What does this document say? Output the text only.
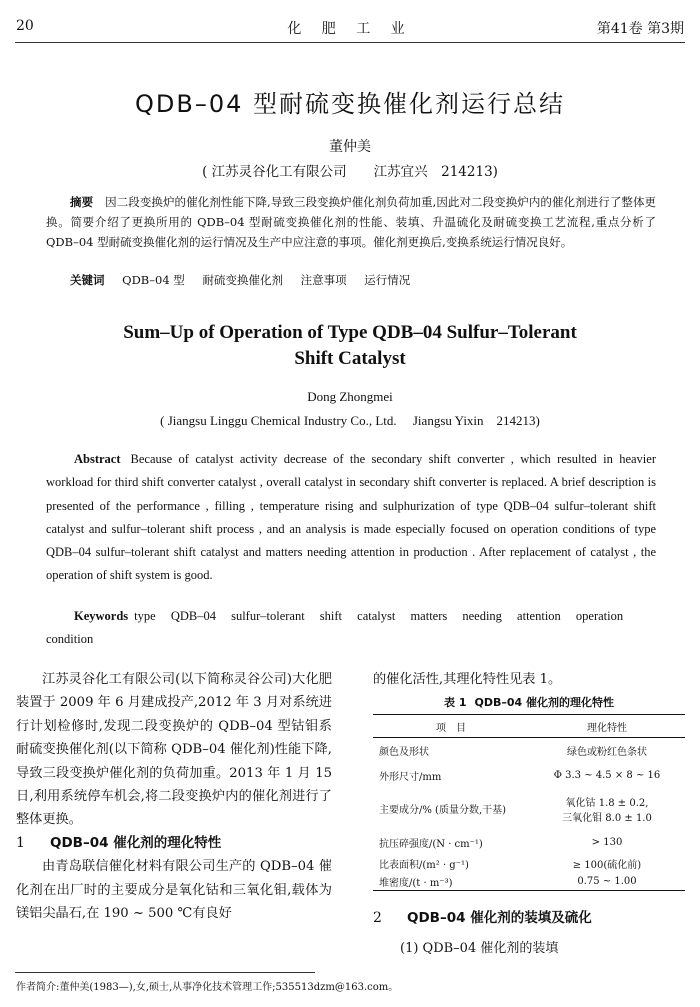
20	化 肥 工 业	第41卷 第3期
QDB–04 型耐硫变换催化剂运行总结
董仲美
( 江苏灵谷化工有限公司　　江苏宜兴　214213)
摘要 因二段变换炉的催化剂性能下降,导致三段变换炉催化剂负荷加重,因此对二段变换炉内的催化剂进行了整体更换。简要介绍了更换所用的 QDB–04 型耐硫变换催化剂的性能、装填、升温硫化及耐硫变换工艺流程,重点分析了 QDB–04 型耐硫变换催化剂的运行情况及生产中应注意的事项。催化剂更换后,变换系统运行情况良好。
关键词 QDB–04 型 耐硫变换催化剂 注意事项 运行情况
Sum–Up of Operation of Type QDB–04 Sulfur–Tolerant
Shift Catalyst
Dong Zhongmei
( Jiangsu Linggu Chemical Industry Co., Ltd.　 Jiangsu Yixin　214213)
Abstract Because of catalyst activity decrease of the secondary shift converter , which resulted in heavier workload for third shift converter catalyst , overall catalyst in secondary shift converter is replaced. A brief description is presented of the performance , filling , temperature rising and sulphurization of type QDB–04 sulfur–tolerant shift catalyst and sulfur–tolerant shift process , and an analysis is made especially focused on operation conditions of type QDB–04 sulfur–tolerant shift catalyst and matters needing attention in production . After replacement of catalyst , the operation of shift system is good.
Keywords type QDB–04 sulfur–tolerant shift catalyst matters needing attention operation condition

江苏灵谷化工有限公司(以下简称灵谷公司)大化肥装置于 2009 年 6 月建成投产,2012 年 3 月对系统进行计划检修时,发现二段变换炉的 QDB–04 型钴钼系耐硫变换催化剂(以下简称 QDB–04 催化剂)性能下降,导致三段变换炉催化剂的负荷加重。2013 年 1 月 15 日,利用系统停车机会,将二段变换炉内的催化剂进行了整体更换。

1 QDB–04 催化剂的理化特性

由青岛联信催化材料有限公司生产的 QDB–04 催化剂在出厂时的主要成分是氧化钴和三氧化钼,载体为镁铝尖晶石,在 190 ~ 500 ℃有良好

的催化活性,其理化特性见表 1。
表 1 QDB–04 催化剂的理化特性
项　目	理化特性
颜色及形状	绿色或粉红色条状
外形尺寸/mm	Φ 3.3 ~ 4.5 × 8 ~ 16
主要成分/% (质量分数,干基)	氧化钴 1.8 ± 0.2,
三氧化钼 8.0 ± 1.0

抗压碎强度/(N · cm⁻¹)	> 130
比表面积/(m² · g⁻¹)	≥ 100(硫化前)
堆密度/(t · m⁻³)	0.75 ~ 1.00
2 QDB–04 催化剂的装填及硫化
(1) QDB–04 催化剂的装填
作者简介:董仲美(1983—),女,硕士,从事净化技术管理工作;535513dzm@163.com。
